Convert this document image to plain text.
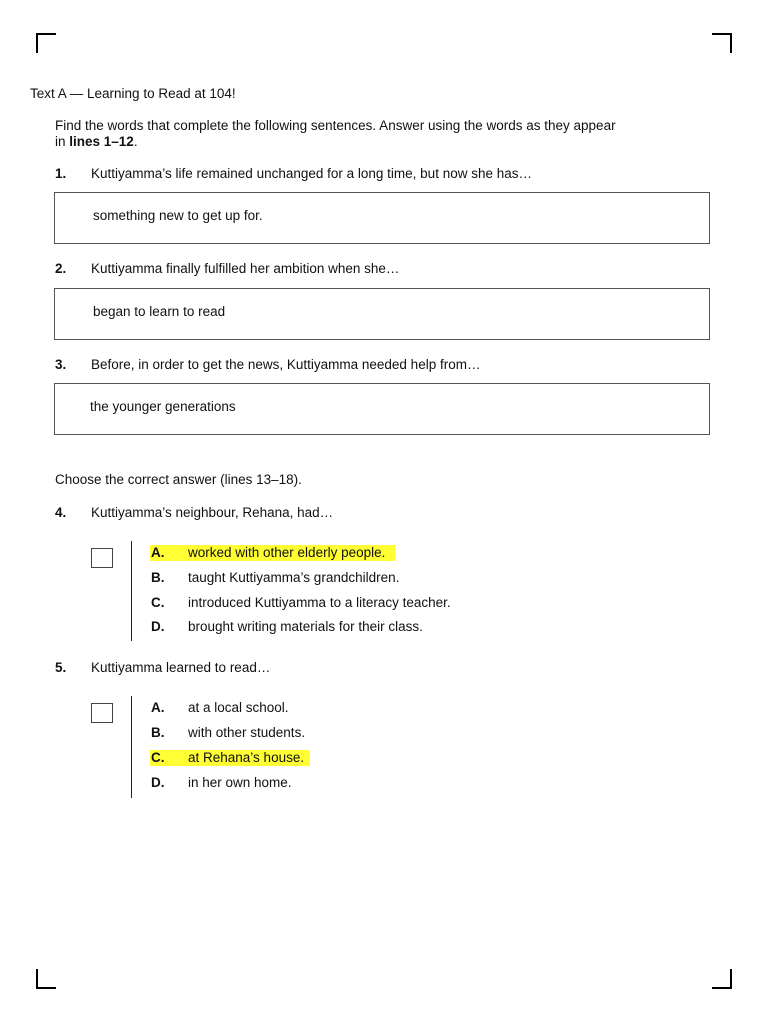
Text A — Learning to Read at 104!
Find the words that complete the following sentences. Answer using the words as they appear
in lines 1–12.
1. Kuttiyamma’s life remained unchanged for a long time, but now she has…
something new to get up for.
2. Kuttiyamma finally fulfilled her ambition when she…
began to learn to read
3. Before, in order to get the news, Kuttiyamma needed help from…
the younger generations
Choose the correct answer (lines 13–18).
4. Kuttiyamma’s neighbour, Rehana, had…
A. worked with other elderly people.
B. taught Kuttiyamma’s grandchildren.
C. introduced Kuttiyamma to a literacy teacher.
D. brought writing materials for their class.
5. Kuttiyamma learned to read…
A. at a local school.
B. with other students.
C. at Rehana’s house.
D. in her own home.
